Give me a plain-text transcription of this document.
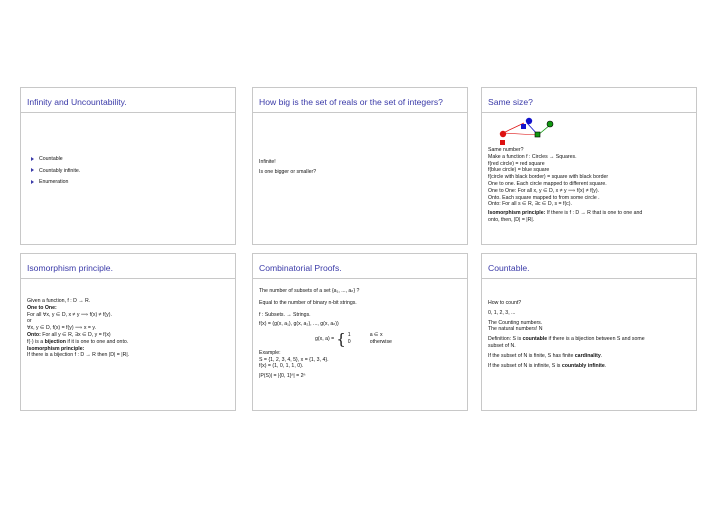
Infinity and Uncountability.
Countable
Countably infinite.
Enumeration
How big is the set of reals or the set of integers?
Infinite!
Is one bigger or smaller?
Same size?
Same number?
Make a function f : Circles → Squares.
f(red circle) = red square
f(blue circle) = blue square
f(circle with black border) = square with black border
One to one. Each circle mapped to different square.
One to One: For all x, y ∈ D, x ≠ y ⟹ f(x) ≠ f(y).
Onto. Each square mapped to from some circle .
Onto: For all s ∈ R, ∃c ∈ D, s = f(c).
Isomorphism principle: If there is f : D → R that is one to one and
onto, then, |D| = |R|.
Isomorphism principle.
Given a function, f : D → R.
One to One:
For all ∀x, y ∈ D, x ≠ y ⟹ f(x) ≠ f(y).
or
∀x, y ∈ D, f(x) = f(y) ⟹ x = y.
Onto: For all y ∈ R, ∃x ∈ D, y = f(x)
f(·) is a bijection if it is one to one and onto.
Isomorphism principle:
If there is a bijection f : D → R then |D| = |R|.
Combinatorial Proofs.
The number of subsets of a set {a₁, ..., aₙ} ?
Equal to the number of binary n-bit strings.
f : Subsets. → Strings.
f(x) = (g(x, a₁), g(x, a₂), ..., g(x, aₙ))
g(x, a) = { 1	a ∈ x
0	otherwise
Example:
S = {1, 2, 3, 4, 5}, x = {1, 3, 4}.
f(x) = (1, 0, 1, 1, 0).
|P(S)| = |{0, 1}ⁿ| = 2ⁿ
Countable.
How to count?
0, 1, 2, 3, ...
The Counting numbers.
The natural numbers! N
Definition: S is countable if there is a bijection between S and some
subset of N.
If the subset of N is finite, S has finite cardinality.
If the subset of N is infinite, S is countably infinite.
